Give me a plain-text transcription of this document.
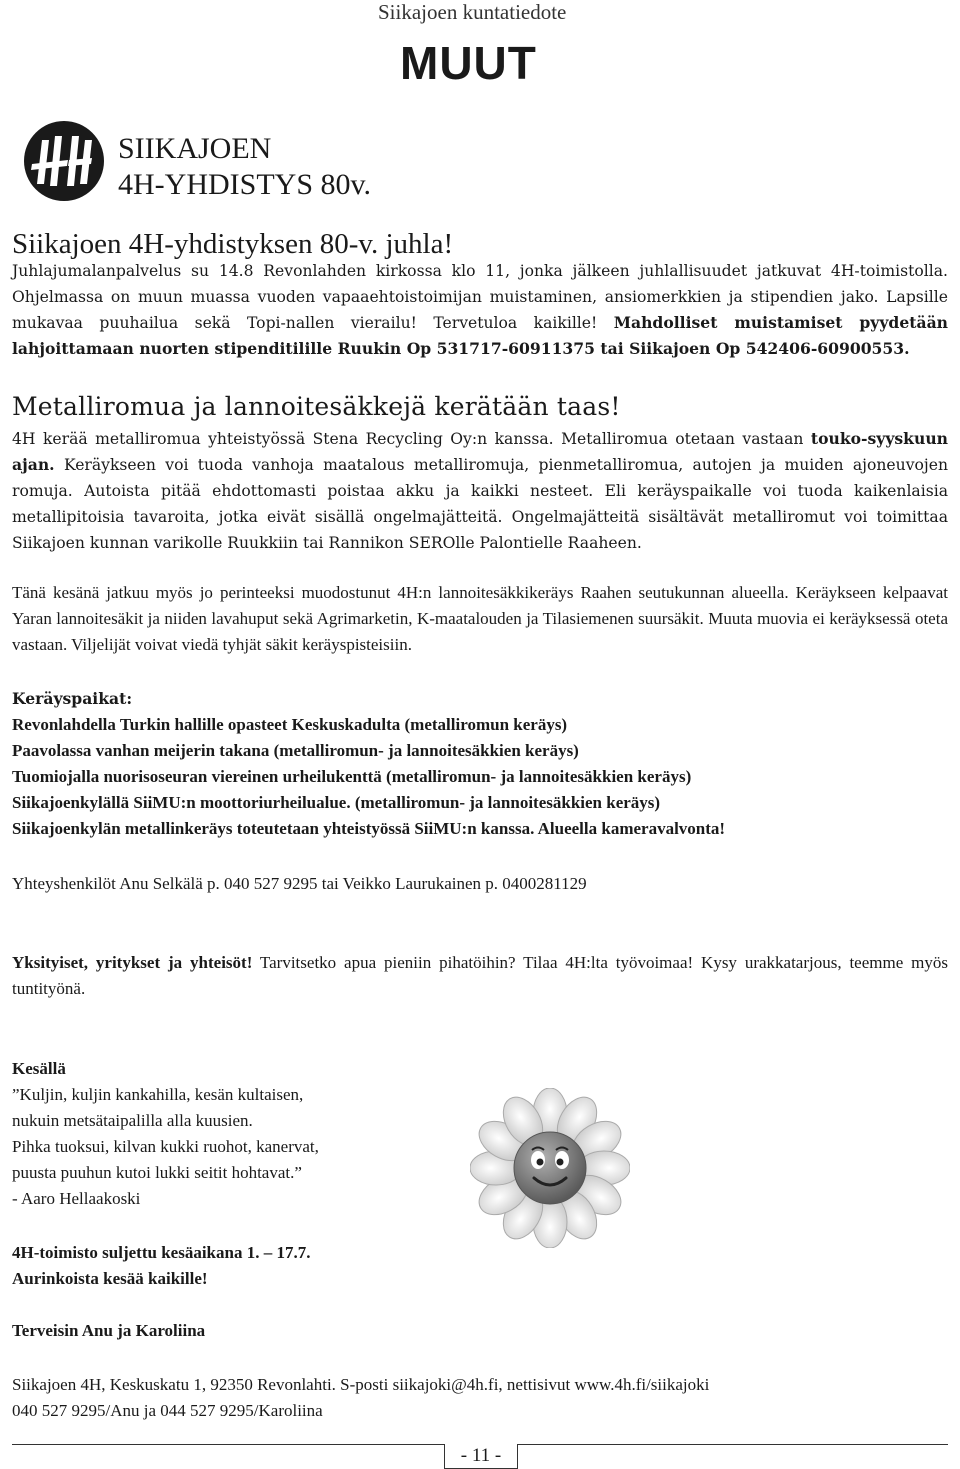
Siikajoen kuntatiedote
MUUT
SIIKAJOEN
4H-YHDISTYS 80v.
Siikajoen 4H-yhdistyksen 80-v. juhla!
Juhlajumalanpalvelus su 14.8 Revonlahden kirkossa klo 11, jonka jälkeen juhlallisuudet jatkuvat 4H-toimistolla. Ohjelmassa on muun muassa vuoden vapaaehtoistoimijan muistaminen, ansiomerkkien ja stipendien jako. Lapsille mukavaa puuhailua sekä Topi-nallen vierailu! Tervetuloa kaikille! Mahdolliset muistamiset pyydetään lahjoittamaan nuorten stipenditilille Ruukin Op 531717-60911375 tai Siikajoen Op 542406-60900553.
Metalliromua ja lannoitesäkkejä kerätään taas!
4H kerää metalliromua yhteistyössä Stena Recycling Oy:n kanssa. Metalliromua otetaan vastaan touko-syyskuun ajan. Keräykseen voi tuoda vanhoja maatalous metalliromuja, pienmetalliromua, autojen ja muiden ajoneuvojen romuja. Autoista pitää ehdottomasti poistaa akku ja kaikki nesteet. Eli keräyspaikalle voi tuoda kaikenlaisia metallipitoisia tavaroita, jotka eivät sisällä ongelmajätteitä. Ongelmajätteitä sisältävät metalliromut voi toimittaa Siikajoen kunnan varikolle Ruukkiin tai Rannikon SEROlle Palontielle Raaheen.
Tänä kesänä jatkuu myös jo perinteeksi muodostunut 4H:n lannoitesäkkikeräys Raahen seutukunnan alueella. Keräykseen kelpaavat Yaran lannoitesäkit ja niiden lavahuput sekä Agrimarketin, K-maatalouden ja Tilasiemenen suursäkit. Muuta muovia ei keräyksessä oteta vastaan. Viljelijät voivat viedä tyhjät säkit keräyspisteisiin.
Keräyspaikat:
Revonlahdella Turkin hallille opasteet Keskuskadulta (metalliromun keräys)
Paavolassa vanhan meijerin takana (metalliromun- ja lannoitesäkkien keräys)
Tuomiojalla nuorisoseuran viereinen urheilukenttä (metalliromun- ja lannoitesäkkien keräys)
Siikajoenkylällä SiiMU:n moottoriurheilualue. (metalliromun- ja lannoitesäkkien keräys)
Siikajoenkylän metallinkeräys toteutetaan yhteistyössä SiiMU:n kanssa. Alueella kameravalvonta!
Yhteyshenkilöt Anu Selkälä p. 040 527 9295 tai Veikko Laurukainen p. 0400281129
Yksityiset, yritykset ja yhteisöt! Tarvitsetko apua pieniin pihatöihin? Tilaa 4H:lta työvoimaa! Kysy urakkatarjous, teemme myös tuntityönä.
Kesällä
”Kuljin, kuljin kankahilla, kesän kultaisen,
nukuin metsätaipalilla alla kuusien.
Pihka tuoksui, kilvan kukki ruohot, kanervat,
puusta puuhun kutoi lukki seitit hohtavat.”
- Aaro Hellaakoski
4H-toimisto suljettu kesäaikana 1. – 17.7.
Aurinkoista kesää kaikille!
Terveisin Anu ja Karoliina
Siikajoen 4H, Keskuskatu 1, 92350 Revonlahti. S-posti siikajoki@4h.fi, nettisivut www.4h.fi/siikajoki
040 527 9295/Anu ja 044 527 9295/Karoliina
- 11 -
